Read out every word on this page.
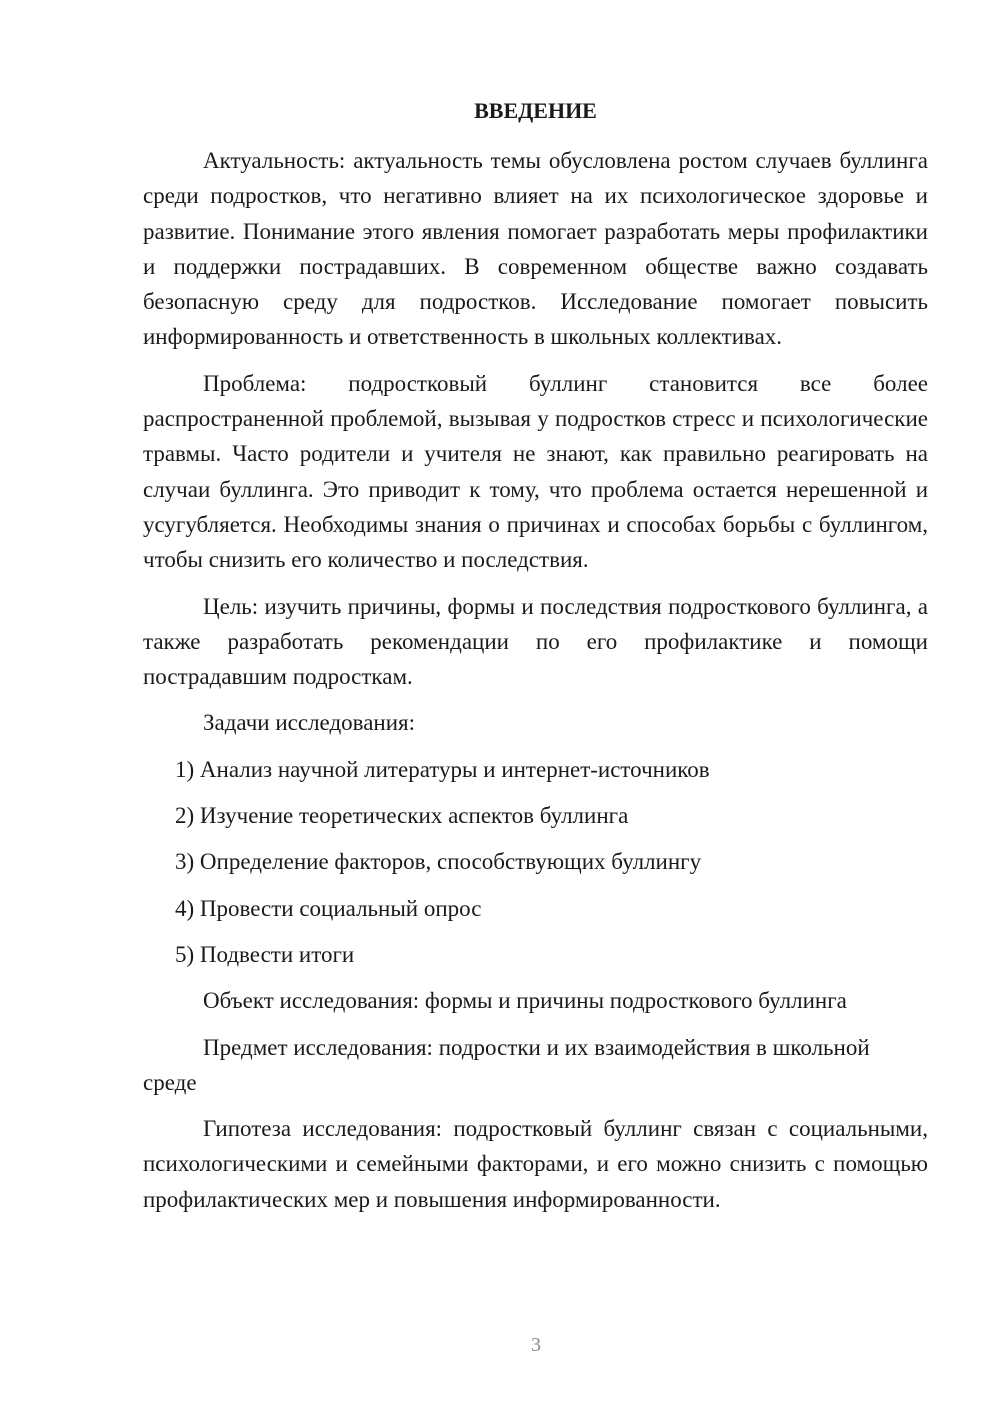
ВВЕДЕНИЕ

Актуальность: актуальность темы обусловлена ростом случаев буллинга среди подростков, что негативно влияет на их психологическое здоровье и развитие. Понимание этого явления помогает разработать меры профилактики и поддержки пострадавших. В современном обществе важно создавать безопасную среду для подростков. Исследование помогает повысить информированность и ответственность в школьных коллективах.

Проблема: подростковый буллинг становится все более распространенной проблемой, вызывая у подростков стресс и психологические травмы. Часто родители и учителя не знают, как правильно реагировать на случаи буллинга. Это приводит к тому, что проблема остается нерешенной и усугубляется. Необходимы знания о причинах и способах борьбы с буллингом, чтобы снизить его количество и последствия.

Цель: изучить причины, формы и последствия подросткового буллинга, а также разработать рекомендации по его профилактике и помощи пострадавшим подросткам.

Задачи исследования:

1) Анализ научной литературы и интернет-источников

2) Изучение теоретических аспектов буллинга

3) Определение факторов, способствующих буллингу

4) Провести социальный опрос

5) Подвести итоги

Объект исследования: формы и причины подросткового буллинга

Предмет исследования: подростки и их взаимодействия в школьной среде

Гипотеза исследования: подростковый буллинг связан с социальными, психологическими и семейными факторами, и его можно снизить с помощью профилактических мер и повышения информированности.

3
